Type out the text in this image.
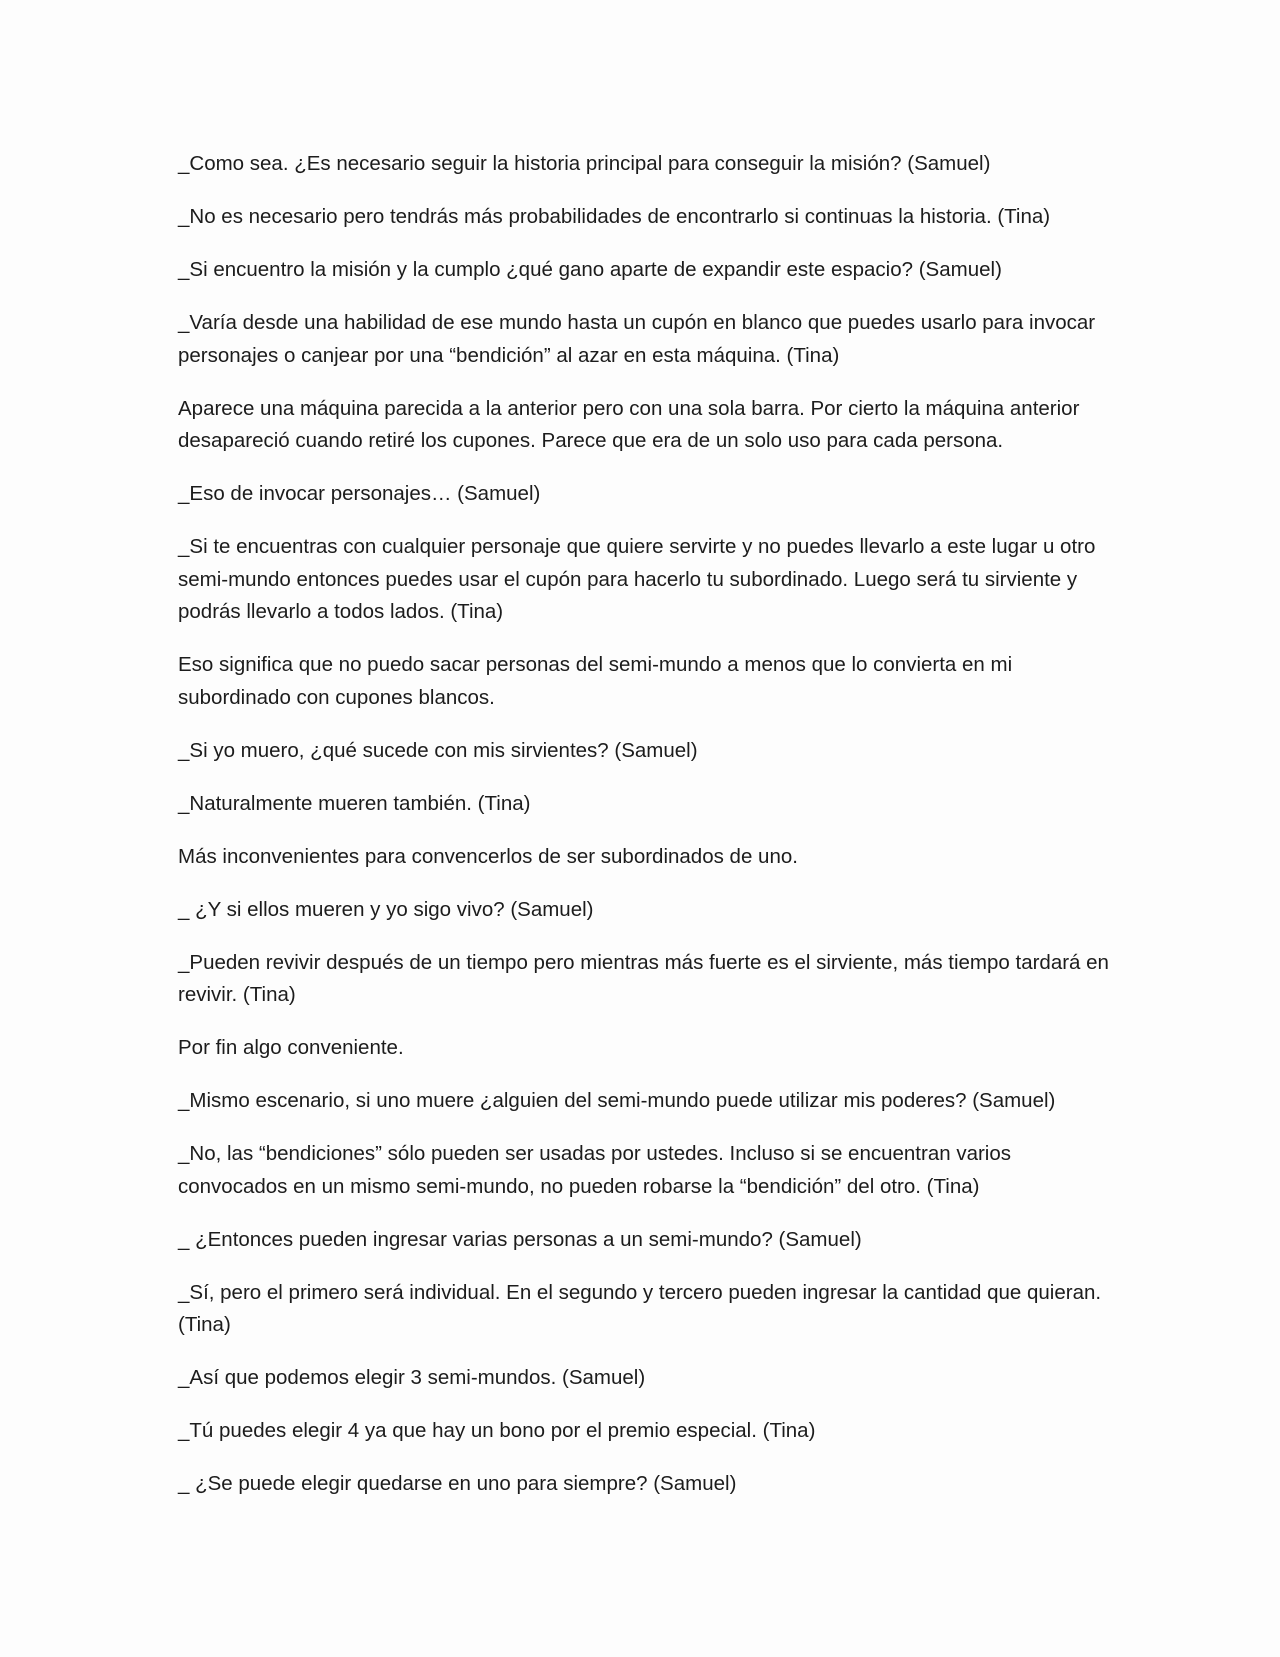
_Como sea. ¿Es necesario seguir la historia principal para conseguir la misión? (Samuel)

_No es necesario pero tendrás más probabilidades de encontrarlo si continuas la historia. (Tina)

_Si encuentro la misión y la cumplo ¿qué gano aparte de expandir este espacio? (Samuel)

_Varía desde una habilidad de ese mundo hasta un cupón en blanco que puedes usarlo para invocar personajes o canjear por una “bendición” al azar en esta máquina. (Tina)

Aparece una máquina parecida a la anterior pero con una sola barra. Por cierto la máquina anterior desapareció cuando retiré los cupones. Parece que era de un solo uso para cada persona.

_Eso de invocar personajes… (Samuel)

_Si te encuentras con cualquier personaje que quiere servirte y no puedes llevarlo a este lugar u otro semi-mundo entonces puedes usar el cupón para hacerlo tu subordinado. Luego será tu sirviente y podrás llevarlo a todos lados. (Tina)

Eso significa que no puedo sacar personas del semi-mundo a menos que lo convierta en mi subordinado con cupones blancos.

_Si yo muero, ¿qué sucede con mis sirvientes? (Samuel)

_Naturalmente mueren también. (Tina)

Más inconvenientes para convencerlos de ser subordinados de uno.

_ ¿Y si ellos mueren y yo sigo vivo? (Samuel)

_Pueden revivir después de un tiempo pero mientras más fuerte es el sirviente, más tiempo tardará en revivir. (Tina)

Por fin algo conveniente.

_Mismo escenario, si uno muere ¿alguien del semi-mundo puede utilizar mis poderes? (Samuel)

_No, las “bendiciones” sólo pueden ser usadas por ustedes. Incluso si se encuentran varios convocados en un mismo semi-mundo, no pueden robarse la “bendición” del otro. (Tina)

_ ¿Entonces pueden ingresar varias personas a un semi-mundo? (Samuel)

_Sí, pero el primero será individual. En el segundo y tercero pueden ingresar la cantidad que quieran. (Tina)

_Así que podemos elegir 3 semi-mundos. (Samuel)

_Tú puedes elegir 4 ya que hay un bono por el premio especial. (Tina)

_ ¿Se puede elegir quedarse en uno para siempre? (Samuel)
